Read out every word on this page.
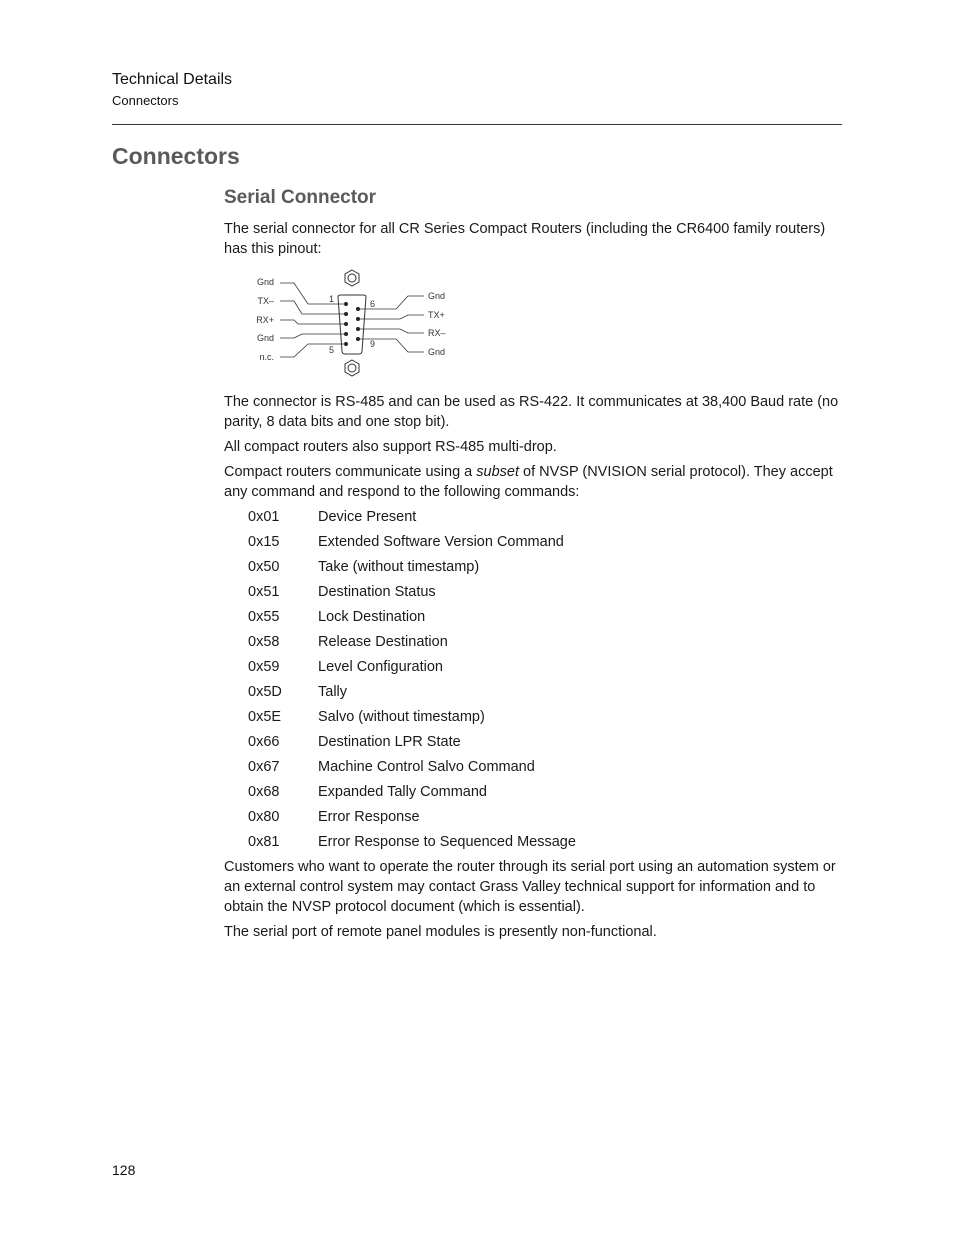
Technical Details
Connectors
Connectors
Serial Connector
The serial connector for all CR Series Compact Routers (including the CR6400 family routers) has this pinout:
Gnd
TX–
RX+
Gnd
n.c.
Gnd
TX+
RX–
Gnd
1	6
5
9
The connector is RS-485 and can be used as RS-422. It communicates at 38,400 Baud rate (no parity, 8 data bits and one stop bit).
All compact routers also support RS-485 multi-drop.
Compact routers communicate using a subset of NVSP (NVISION serial protocol). They accept any command and respond to the following commands:
0x01	Device Present
0x15	Extended Software Version Command
0x50	Take (without timestamp)
0x51	Destination Status
0x55	Lock Destination
0x58	Release Destination
0x59	Level Configuration
0x5D Tally
0x5E	Salvo (without timestamp)
0x66	Destination LPR State
0x67	Machine Control Salvo Command
0x68	Expanded Tally Command
0x80	Error Response
0x81	Error Response to Sequenced Message
Customers who want to operate the router through its serial port using an automation system or an external control system may contact Grass Valley technical support for information and to obtain the NVSP protocol document (which is essential).
The serial port of remote panel modules is presently non-functional.
128
